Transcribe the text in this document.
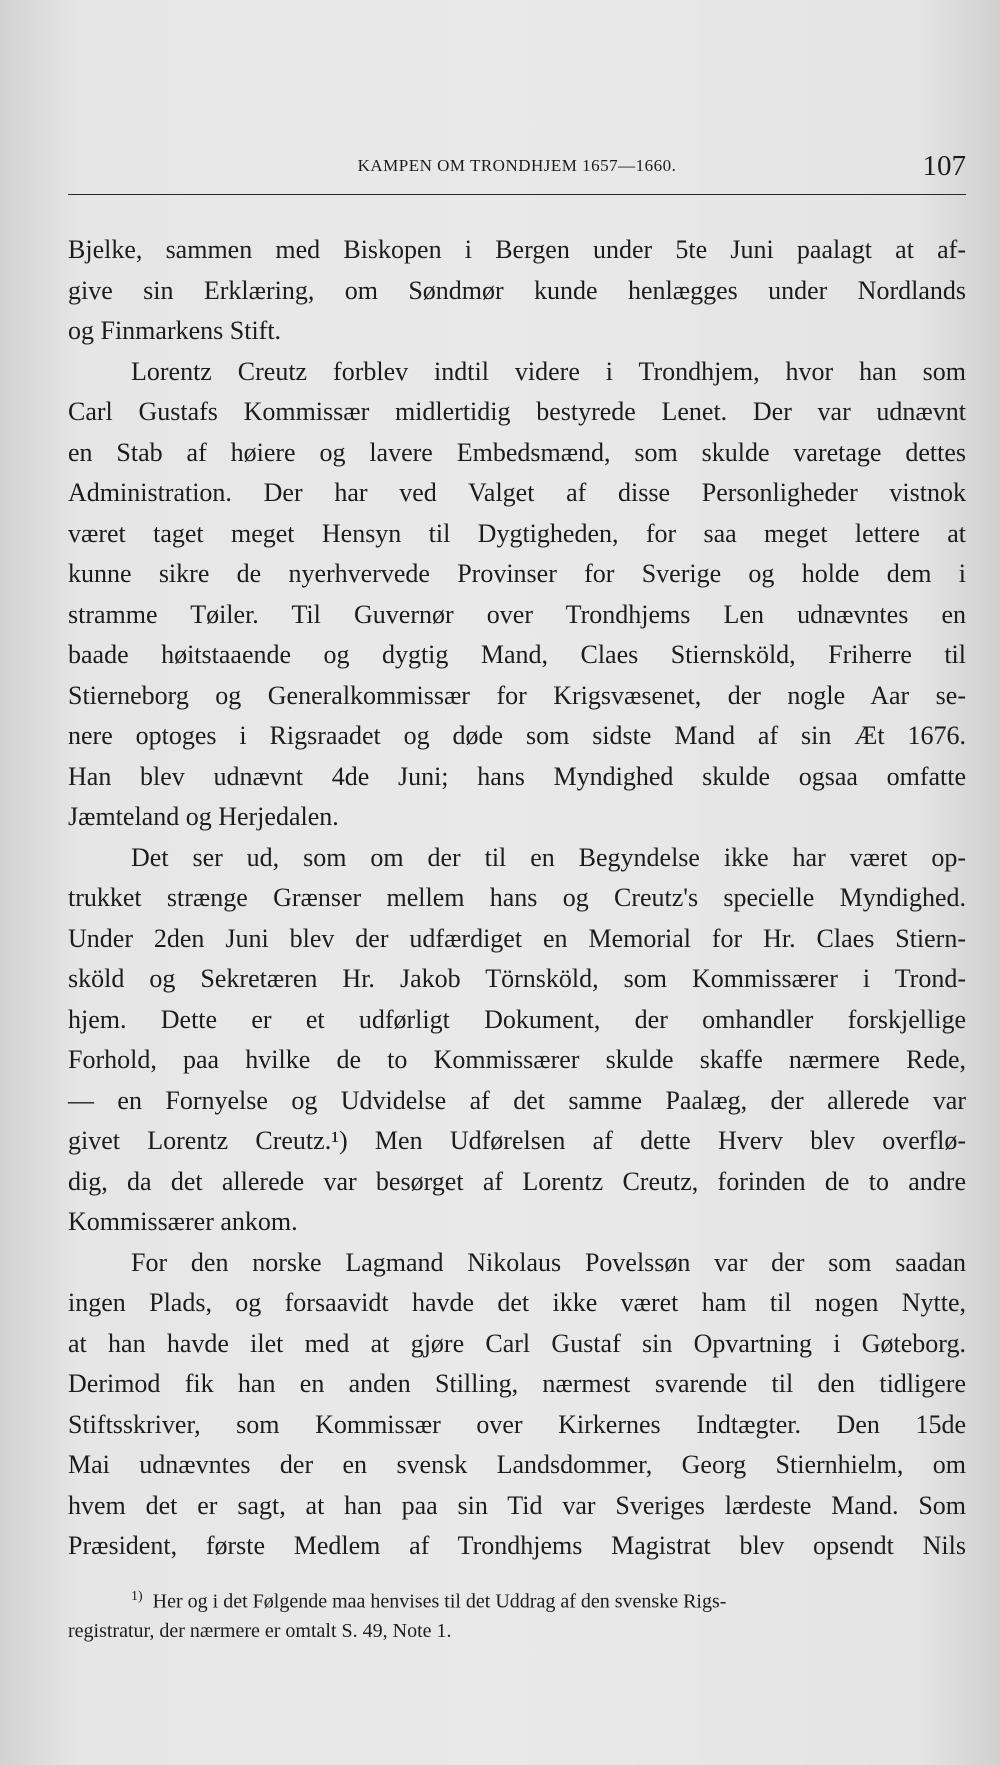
KAMPEN OM TRONDHJEM 1657—1660.	107
Bjelke, sammen med Biskopen i Bergen under 5te Juni paalagt at af-
give sin Erklæring, om Søndmør kunde henlægges under Nordlands
og Finmarkens Stift.
Lorentz Creutz forblev indtil videre i Trondhjem, hvor han som
Carl Gustafs Kommissær midlertidig bestyrede Lenet. Der var udnævnt
en Stab af høiere og lavere Embedsmænd, som skulde varetage dettes
Administration. Der har ved Valget af disse Personligheder vistnok
været taget meget Hensyn til Dygtigheden, for saa meget lettere at
kunne sikre de nyerhvervede Provinser for Sverige og holde dem i
stramme Tøiler. Til Guvernør over Trondhjems Len udnævntes en
baade høitstaaende og dygtig Mand, Claes Stiernsköld, Friherre til
Stierneborg og Generalkommissær for Krigsvæsenet, der nogle Aar se-
nere optoges i Rigsraadet og døde som sidste Mand af sin Æt 1676.
Han blev udnævnt 4de Juni; hans Myndighed skulde ogsaa omfatte
Jæmteland og Herjedalen.
Det ser ud, som om der til en Begyndelse ikke har været op-
trukket strænge Grænser mellem hans og Creutz's specielle Myndighed.
Under 2den Juni blev der udfærdiget en Memorial for Hr. Claes Stiern-
sköld og Sekretæren Hr. Jakob Törnsköld, som Kommissærer i Trond-
hjem. Dette er et udførligt Dokument, der omhandler forskjellige
Forhold, paa hvilke de to Kommissærer skulde skaffe nærmere Rede,
— en Fornyelse og Udvidelse af det samme Paalæg, der allerede var
givet Lorentz Creutz.¹) Men Udførelsen af dette Hverv blev overflø-
dig, da det allerede var besørget af Lorentz Creutz, forinden de to andre
Kommissærer ankom.
For den norske Lagmand Nikolaus Povelssøn var der som saadan
ingen Plads, og forsaavidt havde det ikke været ham til nogen Nytte,
at han havde ilet med at gjøre Carl Gustaf sin Opvartning i Gøteborg.
Derimod fik han en anden Stilling, nærmest svarende til den tidligere
Stiftsskriver, som Kommissær over Kirkernes Indtægter. Den 15de
Mai udnævntes der en svensk Landsdommer, Georg Stiernhielm, om
hvem det er sagt, at han paa sin Tid var Sveriges lærdeste Mand. Som
Præsident, første Medlem af Trondhjems Magistrat blev opsendt Nils
$^{1)}$ Her og i det Følgende maa henvises til det Uddrag af den svenske Rigs-
registratur, der nærmere er omtalt S. 49, Note 1.
